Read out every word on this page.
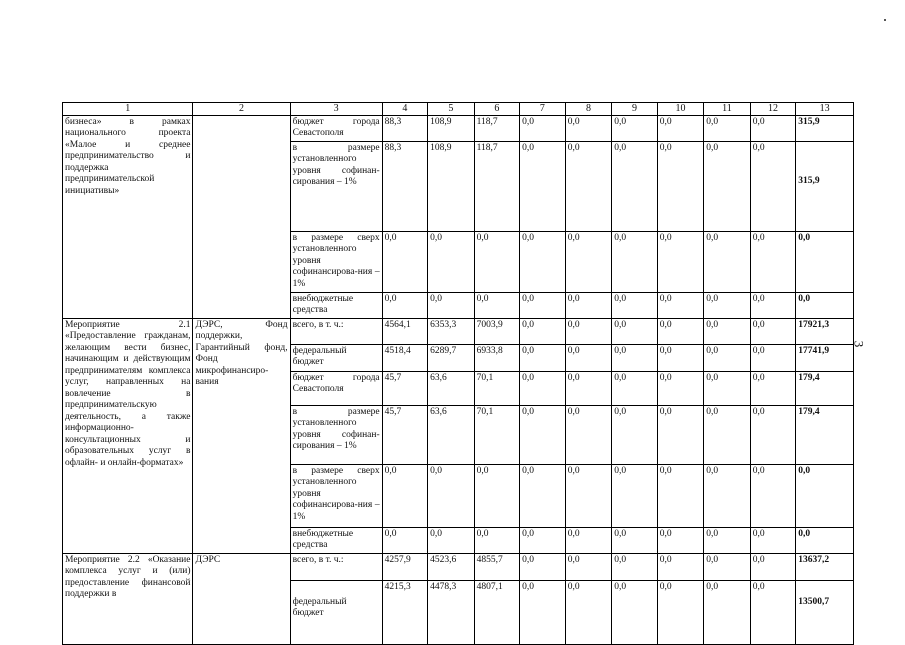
3
1	2	3	4	5	6	7	8	9	10	11	12	13
бизнеса» в рамках национального проекта «Малое и среднее предпринимательство и поддержка предпринимательской инициативы»		бюджет города Севастополя	88,3	108,9	118,7	0,0	0,0	0,0	0,0	0,0	0,0	315,9
		в размере установленного уровня софинан-сирования – 1%	88,3	108,9	118,7	0,0	0,0	0,0	0,0	0,0	0,0	315,9
		в размере сверх установленного уровня софинансирова-ния – 1%	0,0	0,0	0,0	0,0	0,0	0,0	0,0	0,0	0,0	0,0
		внебюджетные средства	0,0	0,0	0,0	0,0	0,0	0,0	0,0	0,0	0,0	0,0
Мероприятие 2.1 «Предоставление гражданам, желающим вести бизнес, начинающим и действующим предпринимателям комплекса услуг, направленных на вовлечение в предпринимательскую деятельность, а также информационно-консультационных и образовательных услуг в офлайн- и онлайн-форматах»	ДЭРС, Фонд поддержки, Гарантийный фонд, Фонд микрофинансиро-вания	всего, в т. ч.:	4564,1	6353,3	7003,9	0,0	0,0	0,0	0,0	0,0	0,0	17921,3
		федеральный бюджет	4518,4	6289,7	6933,8	0,0	0,0	0,0	0,0	0,0	0,0	17741,9
		бюджет города Севастополя	45,7	63,6	70,1	0,0	0,0	0,0	0,0	0,0	0,0	179,4
		в размере установленного уровня софинан-сирования – 1%	45,7	63,6	70,1	0,0	0,0	0,0	0,0	0,0	0,0	179,4
		в размере сверх установленного уровня софинансирова-ния – 1%	0,0	0,0	0,0	0,0	0,0	0,0	0,0	0,0	0,0	0,0
		внебюджетные средства	0,0	0,0	0,0	0,0	0,0	0,0	0,0	0,0	0,0	0,0
Мероприятие 2.2 «Оказание комплекса услуг и (или) предоставление финансовой поддержки в	ДЭРС	всего, в т. ч.:	4257,9	4523,6	4855,7	0,0	0,0	0,0	0,0	0,0	0,0	13637,2
		федеральный бюджет	4215,3	4478,3	4807,1	0,0	0,0	0,0	0,0	0,0	0,0	13500,7
